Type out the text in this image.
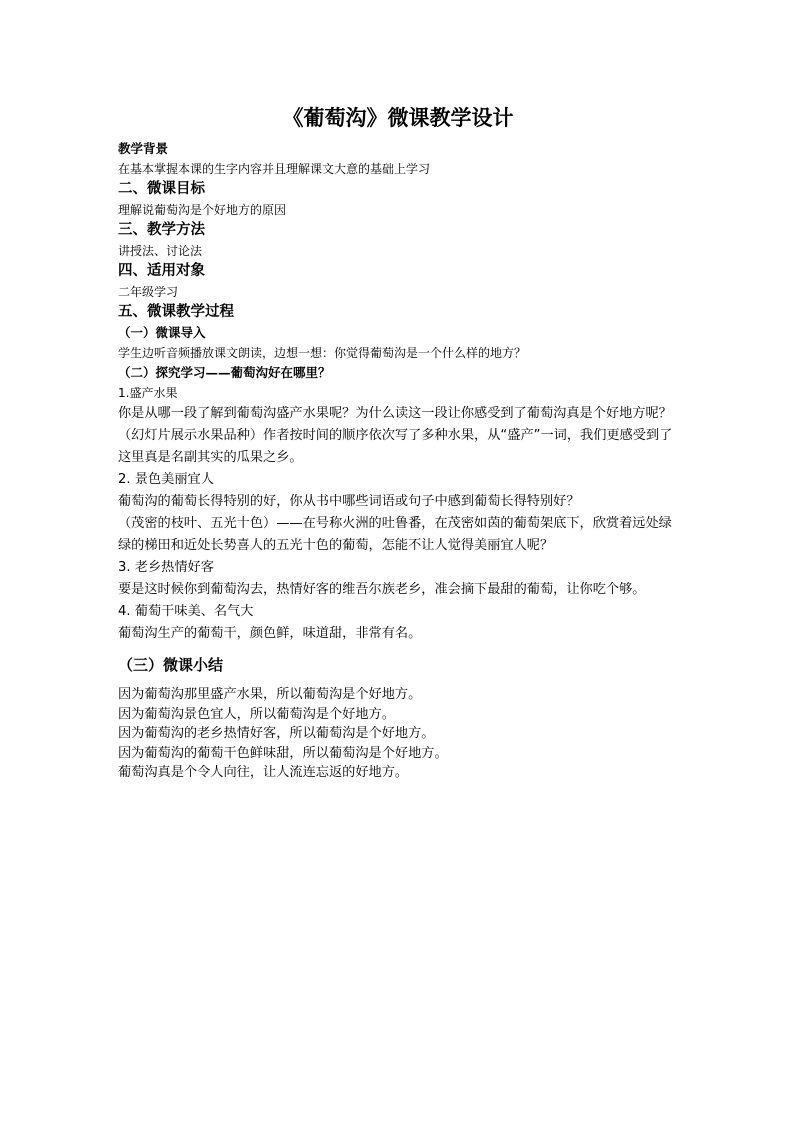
《葡萄沟》微课教学设计

教学背景

在基本掌握本课的生字内容并且理解课文大意的基础上学习

二、微课目标

理解说葡萄沟是个好地方的原因

三、教学方法

讲授法、讨论法

四、适用对象

二年级学习

五、微课教学过程

（一）微课导入

学生边听音频播放课文朗读，边想一想：你觉得葡萄沟是一个什么样的地方？

（二）探究学习——葡萄沟好在哪里？

1.盛产水果

你是从哪一段了解到葡萄沟盛产水果呢？为什么读这一段让你感受到了葡萄沟真是个好地方呢？

（幻灯片展示水果品种）作者按时间的顺序依次写了多种水果，从“盛产”一词，我们更感受到了这里真是名副其实的瓜果之乡。

2. 景色美丽宜人

葡萄沟的葡萄长得特别的好，你从书中哪些词语或句子中感到葡萄长得特别好？

（茂密的枝叶、五光十色）——在号称火洲的吐鲁番，在茂密如茵的葡萄架底下，欣赏着远处绿绿的梯田和近处长势喜人的五光十色的葡萄，怎能不让人觉得美丽宜人呢？

3. 老乡热情好客

要是这时候你到葡萄沟去，热情好客的维吾尔族老乡，准会摘下最甜的葡萄，让你吃个够。

4. 葡萄干味美、名气大

葡萄沟生产的葡萄干，颜色鲜，味道甜，非常有名。

（三）微课小结

因为葡萄沟那里盛产水果，所以葡萄沟是个好地方。

因为葡萄沟景色宜人，所以葡萄沟是个好地方。

因为葡萄沟的老乡热情好客，所以葡萄沟是个好地方。

因为葡萄沟的葡萄干色鲜味甜，所以葡萄沟是个好地方。

葡萄沟真是个令人向往，让人流连忘返的好地方。
